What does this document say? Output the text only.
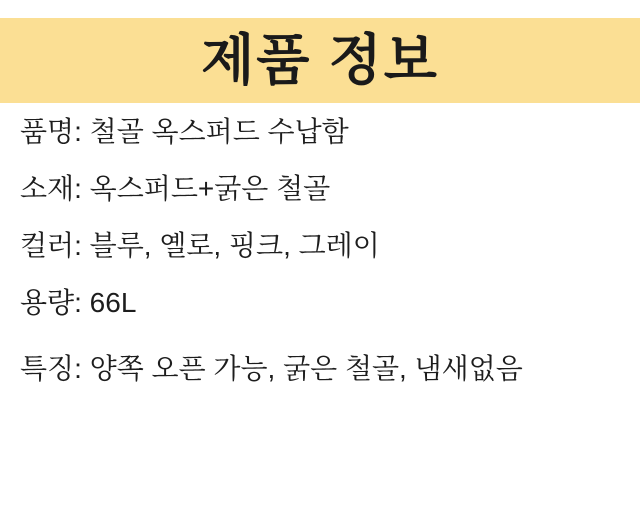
제품 정보
품명: 철골 옥스퍼드 수납함
소재: 옥스퍼드+굵은 철골
컬러: 블루, 옐로, 핑크, 그레이
용량: 66L
특징: 양쪽 오픈 가능, 굵은 철골, 냄새없음
